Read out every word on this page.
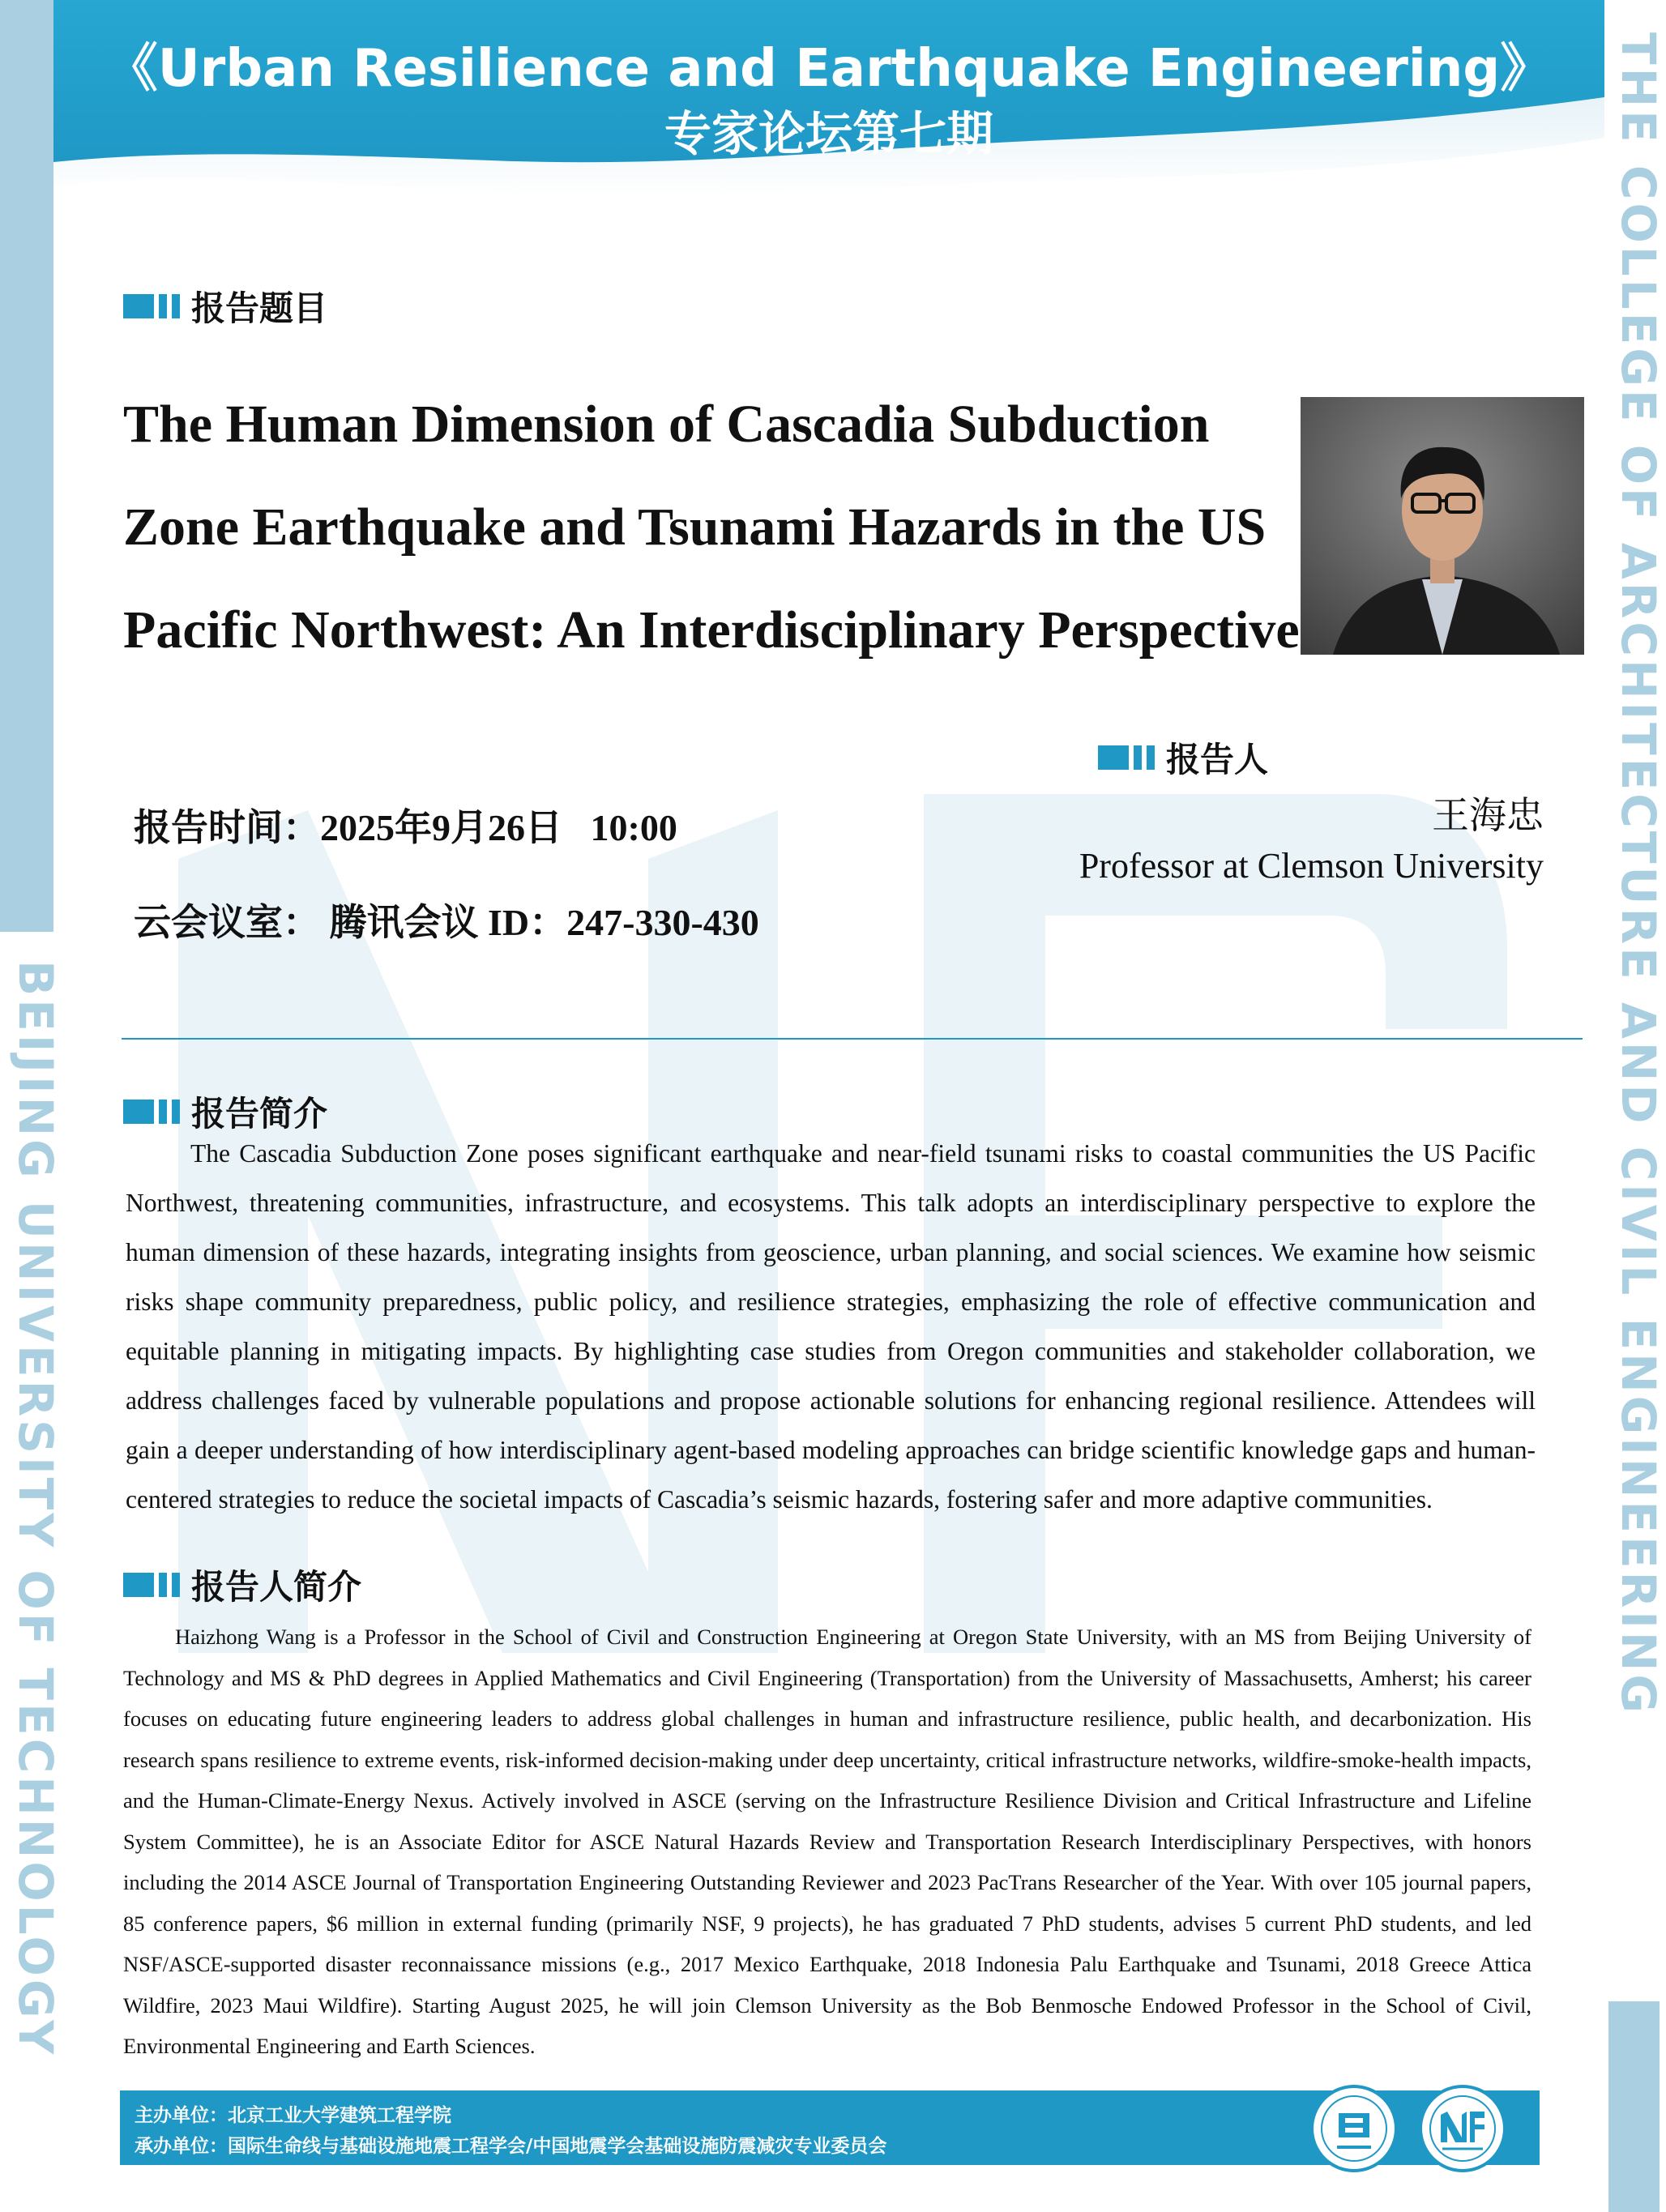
BEIJING UNIVERSITY OF TECHNOLOGY	THE COLLEGE OF ARCHITECTURE AND CIVIL ENGINEERING
《Urban Resilience and Earthquake Engineering》
专家论坛第七期
报告题目
The Human Dimension of Cascadia Subduction Zone Earthquake and Tsunami Hazards in the US Pacific Northwest: An Interdisciplinary Perspective
报告时间：2025年9月26日   10:00
云会议室： 腾讯会议 ID：247-330-430
报告人
王海忠
Professor at Clemson University
报告简介
The Cascadia Subduction Zone poses significant earthquake and near-field tsunami risks to coastal communities the US Pacific Northwest, threatening communities, infrastructure, and ecosystems. This talk adopts an interdisciplinary perspective to explore the human dimension of these hazards, integrating insights from geoscience, urban planning, and social sciences. We examine how seismic risks shape community preparedness, public policy, and resilience strategies, emphasizing the role of effective communication and equitable planning in mitigating impacts. By highlighting case studies from Oregon communities and stakeholder collaboration, we address challenges faced by vulnerable populations and propose actionable solutions for enhancing regional resilience. Attendees will gain a deeper understanding of how interdisciplinary agent-based modeling approaches can bridge scientific knowledge gaps and human-centered strategies to reduce the societal impacts of Cascadia’s seismic hazards, fostering safer and more adaptive communities.
报告人简介
Haizhong Wang is a Professor in the School of Civil and Construction Engineering at Oregon State University, with an MS from Beijing University of Technology and MS & PhD degrees in Applied Mathematics and Civil Engineering (Transportation) from the University of Massachusetts, Amherst; his career focuses on educating future engineering leaders to address global challenges in human and infrastructure resilience, public health, and decarbonization. His research spans resilience to extreme events, risk-informed decision-making under deep uncertainty, critical infrastructure networks, wildfire-smoke-health impacts, and the Human-Climate-Energy Nexus. Actively involved in ASCE (serving on the Infrastructure Resilience Division and Critical Infrastructure and Lifeline System Committee), he is an Associate Editor for ASCE Natural Hazards Review and Transportation Research Interdisciplinary Perspectives, with honors including the 2014 ASCE Journal of Transportation Engineering Outstanding Reviewer and 2023 PacTrans Researcher of the Year. With over 105 journal papers, 85 conference papers, $6 million in external funding (primarily NSF, 9 projects), he has graduated 7 PhD students, advises 5 current PhD students, and led NSF/ASCE-supported disaster reconnaissance missions (e.g., 2017 Mexico Earthquake, 2018 Indonesia Palu Earthquake and Tsunami, 2018 Greece Attica Wildfire, 2023 Maui Wildfire). Starting August 2025, he will join Clemson University as the Bob Benmosche Endowed Professor in the School of Civil, Environmental Engineering and Earth Sciences.
主办单位：北京工业大学建筑工程学院
承办单位：国际生命线与基础设施地震工程学会/中国地震学会基础设施防震减灾专业委员会
